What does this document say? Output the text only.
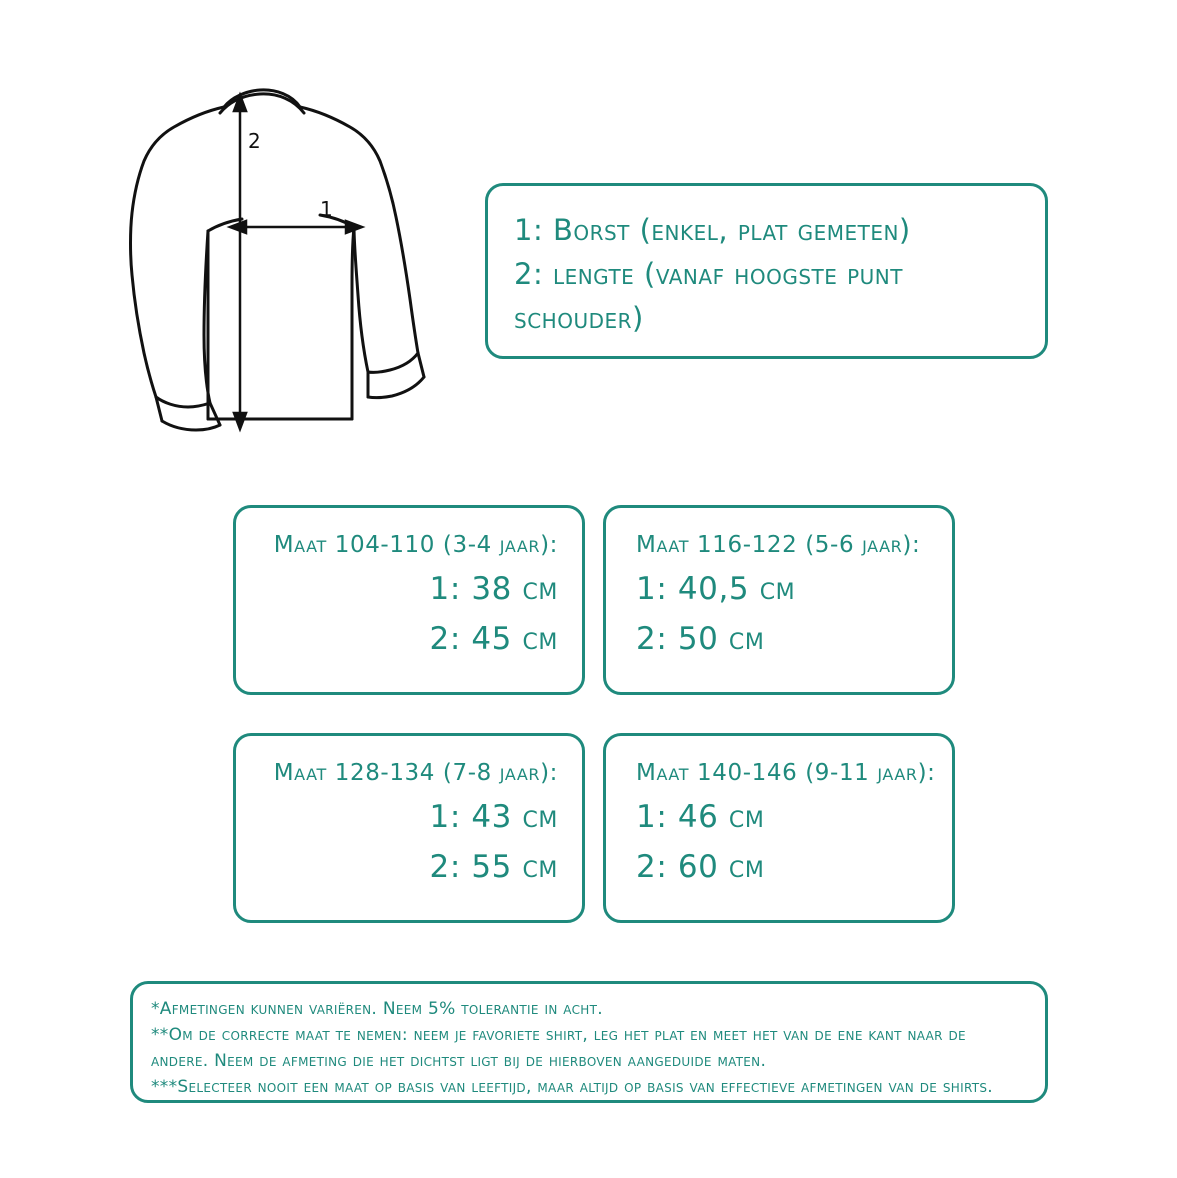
2
1
1: Borst (enkel, plat gemeten)
2: lengte (vanaf hoogste punt
schouder)
Maat 104-110 (3-4 jaar):
1: 38 cm
2: 45 cm
Maat 116-122 (5-6 jaar):
1: 40,5 cm
2: 50 cm
Maat 128-134 (7-8 jaar):
1: 43 cm
2: 55 cm
Maat 140-146 (9-11 jaar):
1: 46 cm
2: 60 cm
*Afmetingen kunnen variëren. Neem 5% tolerantie in acht.
**Om de correcte maat te nemen: neem je favoriete shirt, leg het plat en meet het van de ene kant naar de
andere. Neem de afmeting die het dichtst ligt bij de hierboven aangeduide maten.
***Selecteer nooit een maat op basis van leeftijd, maar altijd op basis van effectieve afmetingen van de shirts.
